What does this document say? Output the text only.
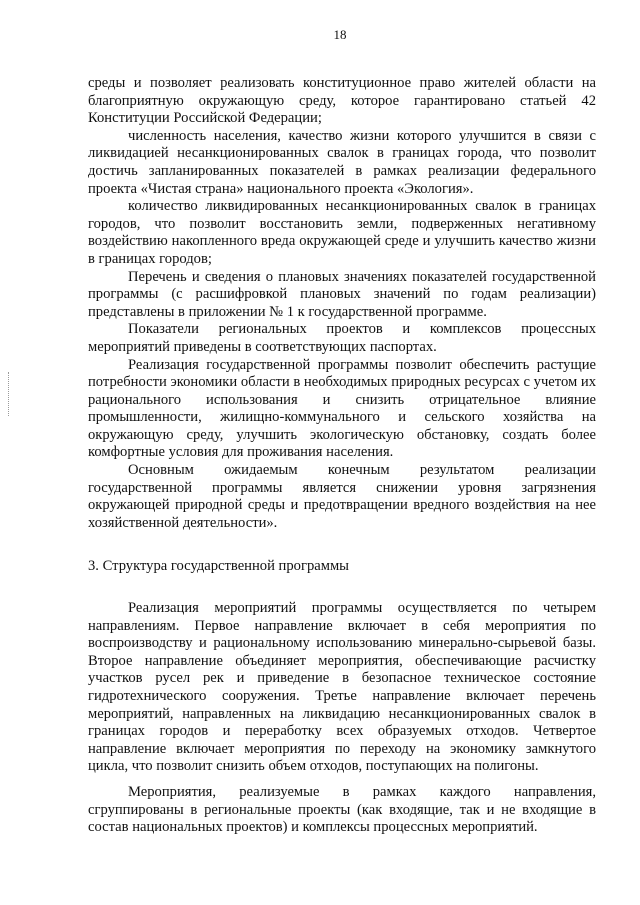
18

среды и позволяет реализовать конституционное право жителей области на благоприятную окружающую среду, которое гарантировано статьей 42 Конституции Российской Федерации;

численность населения, качество жизни которого улучшится в связи с ликвидацией несанкционированных свалок в границах города, что позволит достичь запланированных показателей в рамках реализации федерального проекта «Чистая страна» национального проекта «Экология».

количество ликвидированных несанкционированных свалок в границах городов, что позволит восстановить земли, подверженных негативному воздействию накопленного вреда окружающей среде и улучшить качество жизни в границах городов;

Перечень и сведения о плановых значениях показателей государственной программы (с расшифровкой плановых значений по годам реализации) представлены в приложении № 1 к государственной программе.

Показатели региональных проектов и комплексов процессных мероприятий приведены в соответствующих паспортах.

Реализация государственной программы позволит обеспечить растущие потребности экономики области в необходимых природных ресурсах с учетом их рационального использования и снизить отрицательное влияние промышленности, жилищно-коммунального и сельского хозяйства на окружающую среду, улучшить экологическую обстановку, создать более комфортные условия для проживания населения.

Основным ожидаемым конечным результатом реализации государственной программы является снижении уровня загрязнения окружающей природной среды и предотвращении вредного воздействия на нее хозяйственной деятельности».

3. Структура государственной программы

Реализация мероприятий программы осуществляется по четырем направлениям. Первое направление включает в себя мероприятия по воспроизводству и рациональному использованию минерально-сырьевой базы. Второе направление объединяет мероприятия, обеспечивающие расчистку участков русел рек и приведение в безопасное техническое состояние гидротехнического сооружения. Третье направление включает перечень мероприятий, направленных на ликвидацию несанкционированных свалок в границах городов и переработку всех образуемых отходов. Четвертое направление включает мероприятия по переходу на экономику замкнутого цикла, что позволит снизить объем отходов, поступающих на полигоны.

Мероприятия, реализуемые в рамках каждого направления, сгруппированы в региональные проекты (как входящие, так и не входящие в состав национальных проектов) и комплексы процессных мероприятий.
